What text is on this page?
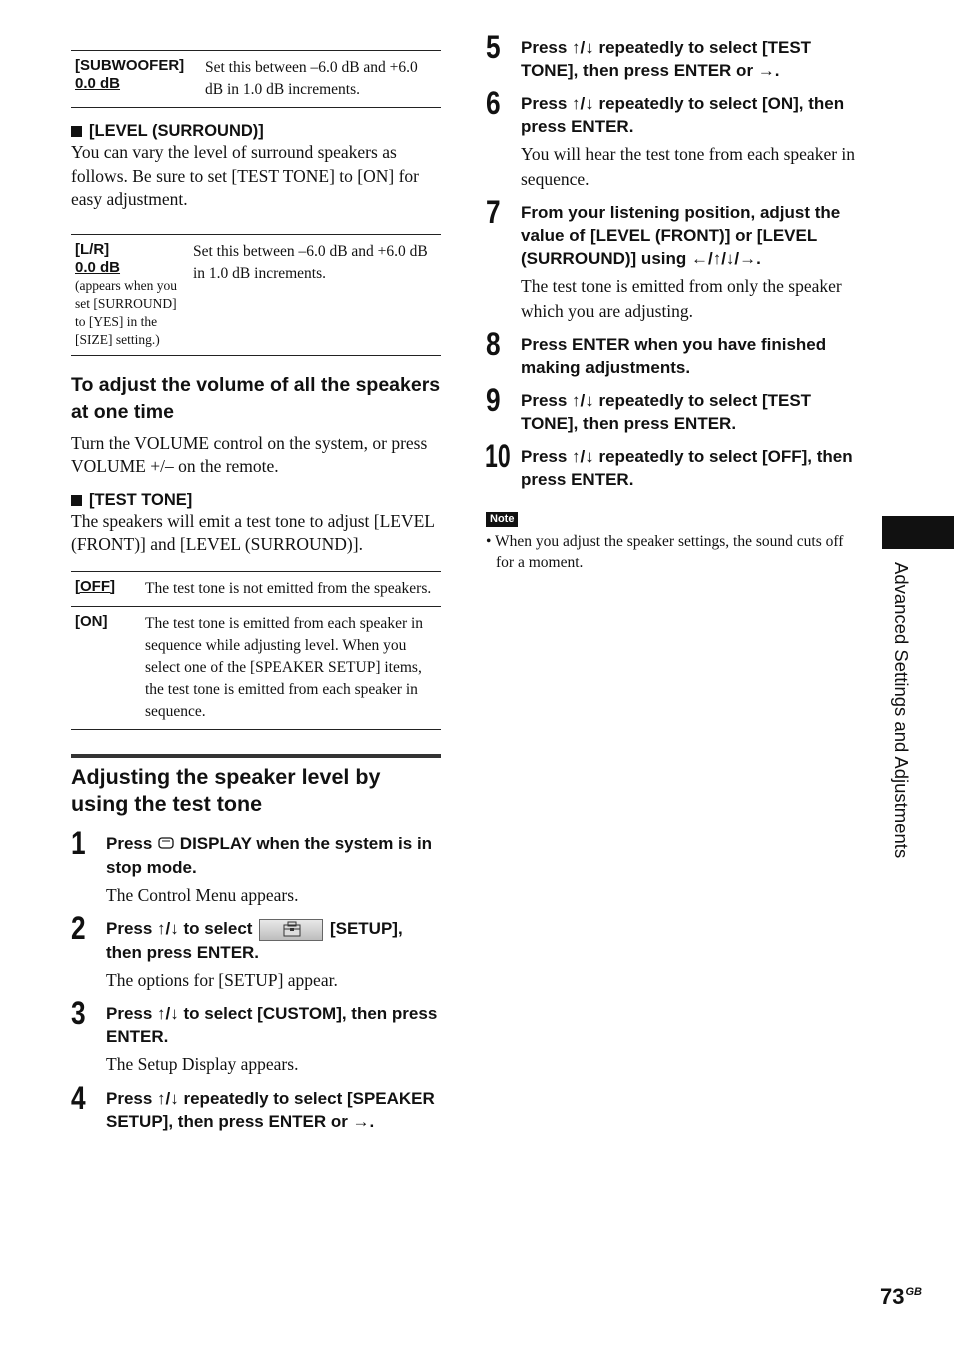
[SUBWOOFER]
0.0 dB
	Set this between –6.0 dB and +6.0 dB in 1.0 dB increments.
[LEVEL (SURROUND)]

You can vary the level of surround speakers as follows. Be sure to set [TEST TONE] to [ON] for easy adjustment.

[L/R]
0.0 dB
(appears when you set [SURROUND] to [YES] in the [SIZE] setting.)
	Set this between –6.0 dB and +6.0 dB in 1.0 dB increments.
To adjust the volume of all the speakers at one time

Turn the VOLUME control on the system, or press VOLUME +/– on the remote.

[TEST TONE]

The speakers will emit a test tone to adjust [LEVEL (FRONT)] and [LEVEL (SURROUND)].

[OFF]	The test tone is not emitted from the speakers.

[ON]	The test tone is emitted from each speaker in sequence while adjusting level. When you select one of the [SPEAKER SETUP] items, the test tone is emitted from each speaker in sequence.
Adjusting the speaker level by using the test tone
1 Press DISPLAY when the system is in stop mode.

The Control Menu appears.

2 Press ↑/↓ to select	[SETUP], then press ENTER.

The options for [SETUP] appear.

3 Press ↑/↓ to select [CUSTOM], then press ENTER.

The Setup Display appears.

4 Press ↑/↓ repeatedly to select [SPEAKER SETUP], then press ENTER or →.

5 Press ↑/↓ repeatedly to select [TEST TONE], then press ENTER or →.

6 Press ↑/↓ repeatedly to select [ON], then press ENTER.

You will hear the test tone from each speaker in sequence.

7 From your listening position, adjust the value of [LEVEL (FRONT)] or [LEVEL (SURROUND)] using ←/↑/↓/→.

The test tone is emitted from only the speaker which you are adjusting.

8 Press ENTER when you have finished making adjustments.

9 Press ↑/↓ repeatedly to select [TEST TONE], then press ENTER.

10 Press ↑/↓ repeatedly to select [OFF], then press ENTER.

Note

• When you adjust the speaker settings, the sound cuts off for a moment.	Advanced Settings and Adjustments
$73^{GB}$
